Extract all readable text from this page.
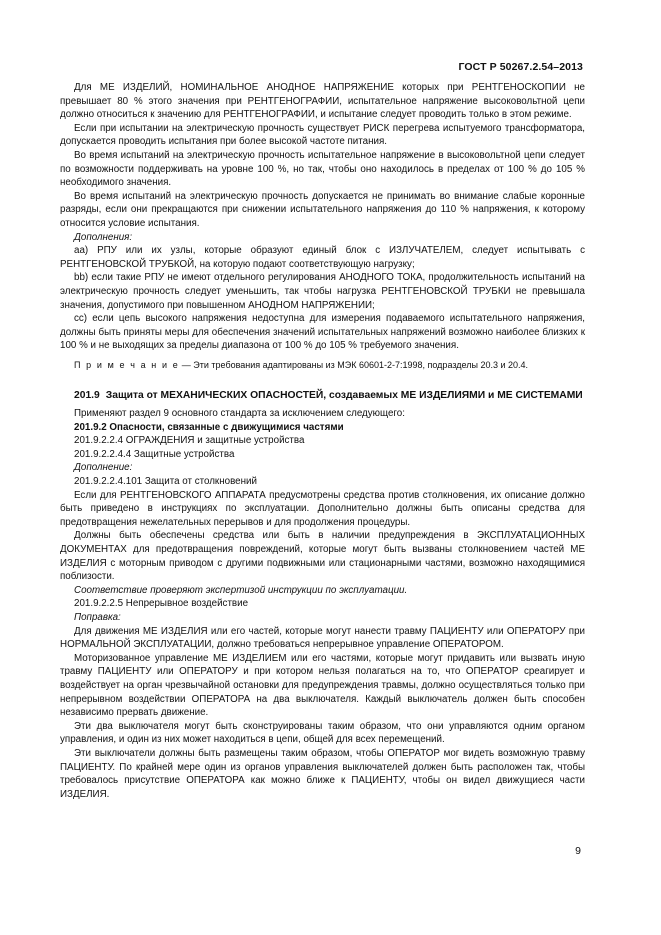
ГОСТ Р 50267.2.54–2013

Для МЕ ИЗДЕЛИЙ, НОМИНАЛЬНОЕ АНОДНОЕ НАПРЯЖЕНИЕ которых при РЕНТГЕНОСКОПИИ не превышает 80 % этого значения при РЕНТГЕНОГРАФИИ, испытательное напряжение высоковольтной цепи должно относиться к значению для РЕНТГЕНОГРАФИИ, и испытание следует проводить только в этом режиме.

Если при испытании на электрическую прочность существует РИСК перегрева испытуемого трансформатора, допускается проводить испытания при более высокой частоте питания.

Во время испытаний на электрическую прочность испытательное напряжение в высоковольтной цепи следует по возможности поддерживать на уровне 100 %, но так, чтобы оно находилось в пределах от 100 % до 105 % необходимого значения.

Во время испытаний на электрическую прочность допускается не принимать во внимание слабые коронные разряды, если они прекращаются при снижении испытательного напряжения до 110 % напряжения, к которому относится условие испытания.

Дополнения:

aa) РПУ или их узлы, которые образуют единый блок с ИЗЛУЧАТЕЛЕМ, следует испытывать с РЕНТГЕНОВСКОЙ ТРУБКОЙ, на которую подают соответствующую нагрузку;

bb) если такие РПУ не имеют отдельного регулирования АНОДНОГО ТОКА, продолжительность испытаний на электрическую прочность следует уменьшить, так чтобы нагрузка РЕНТГЕНОВСКОЙ ТРУБКИ не превышала значения, допустимого при повышенном АНОДНОМ НАПРЯЖЕНИИ;

cc) если цепь высокого напряжения недоступна для измерения подаваемого испытательного напряжения, должны быть приняты меры для обеспечения значений испытательных напряжений возможно наиболее близких к 100 % и не выходящих за пределы диапазона от 100 % до 105 % требуемого значения.

П р и м е ч а н и е — Эти требования адаптированы из МЭК 60601-2-7:1998, подразделы 20.3 и 20.4.

201.9 Защита от МЕХАНИЧЕСКИХ ОПАСНОСТЕЙ, создаваемых МЕ ИЗДЕЛИЯМИ и МЕ СИСТЕМАМИ

Применяют раздел 9 основного стандарта за исключением следующего:

201.9.2 Опасности, связанные с движущимися частями

201.9.2.2.4 ОГРАЖДЕНИЯ и защитные устройства

201.9.2.2.4.4 Защитные устройства

Дополнение:

201.9.2.2.4.101 Защита от столкновений

Если для РЕНТГЕНОВСКОГО АППАРАТА предусмотрены средства против столкновения, их описание должно быть приведено в инструкциях по эксплуатации. Дополнительно должны быть описаны средства для предотвращения нежелательных перерывов и для продолжения процедуры.

Должны быть обеспечены средства или быть в наличии предупреждения в ЭКСПЛУАТАЦИОННЫХ ДОКУМЕНТАХ для предотвращения повреждений, которые могут быть вызваны столкновением частей МЕ ИЗДЕЛИЯ с моторным приводом с другими подвижными или стационарными частями, возможно находящимися поблизости.

Соответствие проверяют экспертизой инструкции по эксплуатации.

201.9.2.2.5 Непрерывное воздействие

Поправка:

Для движения МЕ ИЗДЕЛИЯ или его частей, которые могут нанести травму ПАЦИЕНТУ или ОПЕРАТОРУ при НОРМАЛЬНОЙ ЭКСПЛУАТАЦИИ, должно требоваться непрерывное управление ОПЕРАТОРОМ.

Моторизованное управление МЕ ИЗДЕЛИЕМ или его частями, которые могут придавить или вызвать иную травму ПАЦИЕНТУ или ОПЕРАТОРУ и при котором нельзя полагаться на то, что ОПЕРАТОР среагирует и воздействует на орган чрезвычайной остановки для предупреждения травмы, должно осуществляться только при непрерывном воздействии ОПЕРАТОРА на два выключателя. Каждый выключатель должен быть способен независимо прервать движение.

Эти два выключателя могут быть сконструированы таким образом, что они управляются одним органом управления, и один из них может находиться в цепи, общей для всех перемещений.

Эти выключатели должны быть размещены таким образом, чтобы ОПЕРАТОР мог видеть возможную травму ПАЦИЕНТУ. По крайней мере один из органов управления выключателей должен быть расположен так, чтобы требовалось присутствие ОПЕРАТОРА как можно ближе к ПАЦИЕНТУ, чтобы он видел движущиеся части ИЗДЕЛИЯ.

9
